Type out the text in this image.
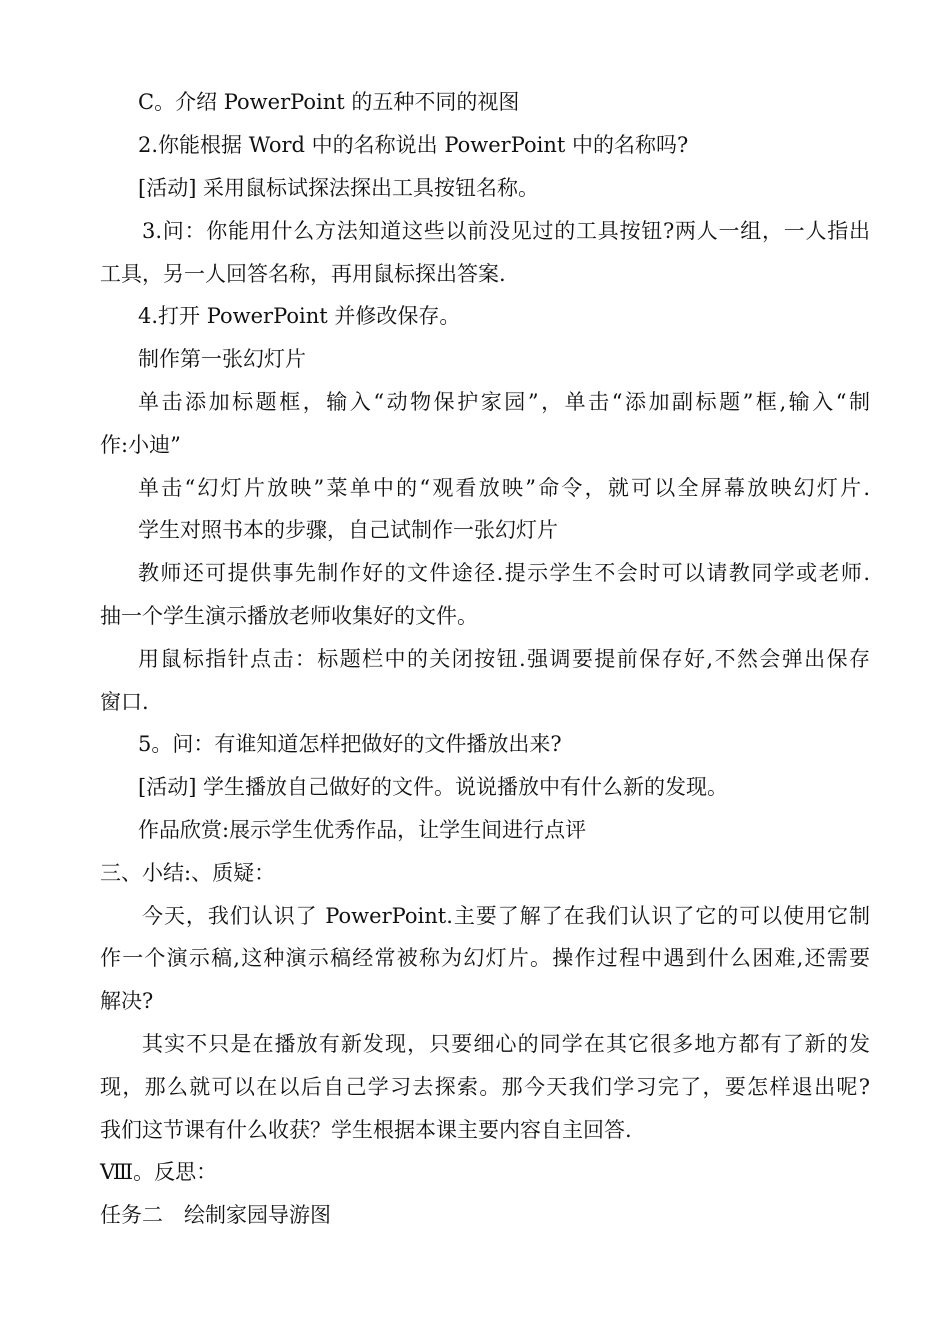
C。介绍 PowerPoint 的五种不同的视图
2.你能根据 Word 中的名称说出 PowerPoint 中的名称吗?
[活动] 采用鼠标试探法探出工具按钮名称。
3.问：你能用什么方法知道这些以前没见过的工具按钮?两人一组，一人指出
工具，另一人回答名称，再用鼠标探出答案.
4.打开 PowerPoint 并修改保存。
制作第一张幻灯片
单击添加标题框，输入“动物保护家园”，单击“添加副标题”框,输入“制
作:小迪”
单击“幻灯片放映”菜单中的“观看放映”命令，就可以全屏幕放映幻灯片.
学生对照书本的步骤，自己试制作一张幻灯片
教师还可提供事先制作好的文件途径.提示学生不会时可以请教同学或老师.
抽一个学生演示播放老师收集好的文件。
用鼠标指针点击：标题栏中的关闭按钮.强调要提前保存好,不然会弹出保存
窗口.
5。问：有谁知道怎样把做好的文件播放出来?
[活动] 学生播放自己做好的文件。说说播放中有什么新的发现。
作品欣赏:展示学生优秀作品，让学生间进行点评
三、小结:、质疑：
今天，我们认识了 PowerPoint.主要了解了在我们认识了它的可以使用它制
作一个演示稿,这种演示稿经常被称为幻灯片。操作过程中遇到什么困难,还需要
解决?
其实不只是在播放有新发现，只要细心的同学在其它很多地方都有了新的发
现，那么就可以在以后自己学习去探索。那今天我们学习完了，要怎样退出呢?
我们这节课有什么收获？学生根据本课主要内容自主回答.
Ⅷ。反思：
任务二　绘制家园导游图
